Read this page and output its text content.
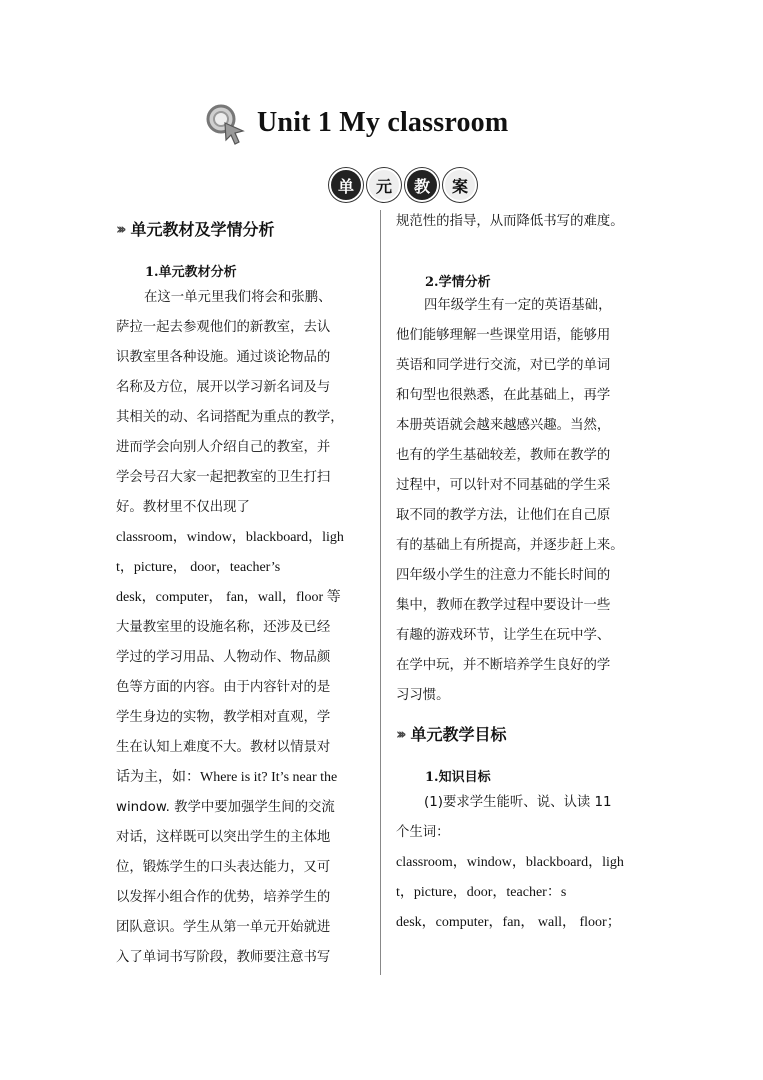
Unit 1 My classroom
单	元	教	案
››› 单元教材及学情分析
1.单元教材分析
在这一单元里我们将会和张鹏、
萨拉一起去参观他们的新教室，去认
识教室里各种设施。通过谈论物品的
名称及方位，展开以学习新名词及与
其相关的动、名词搭配为重点的教学，
进而学会向别人介绍自己的教室，并
学会号召大家一起把教室的卫生打扫
好。教材里不仅出现了
classroom，window，blackboard，ligh
t，picture， door，teacher’s
desk，computer， fan，wall，floor 等
大量教室里的设施名称，还涉及已经
学过的学习用品、人物动作、物品颜
色等方面的内容。由于内容针对的是
学生身边的实物，教学相对直观，学
生在认知上难度不大。教材以情景对
话为主，如：Where is it? It’s near the
window. 教学中要加强学生间的交流
对话，这样既可以突出学生的主体地
位，锻炼学生的口头表达能力，又可
以发挥小组合作的优势，培养学生的
团队意识。学生从第一单元开始就进
入了单词书写阶段，教师要注意书写
规范性的指导，从而降低书写的难度。
2.学情分析
四年级学生有一定的英语基础，
他们能够理解一些课堂用语，能够用
英语和同学进行交流，对已学的单词
和句型也很熟悉，在此基础上，再学
本册英语就会越来越感兴趣。当然，
也有的学生基础较差，教师在教学的
过程中，可以针对不同基础的学生采
取不同的教学方法，让他们在自己原
有的基础上有所提高，并逐步赶上来。
四年级小学生的注意力不能长时间的
集中，教师在教学过程中要设计一些
有趣的游戏环节，让学生在玩中学、
在学中玩，并不断培养学生良好的学
习习惯。
››› 单元教学目标
1.知识目标
(1)要求学生能听、说、认读 11
个生词：
classroom，window，blackboard，ligh
t，picture，door，teacher：s
desk，computer，fan， wall， floor；
